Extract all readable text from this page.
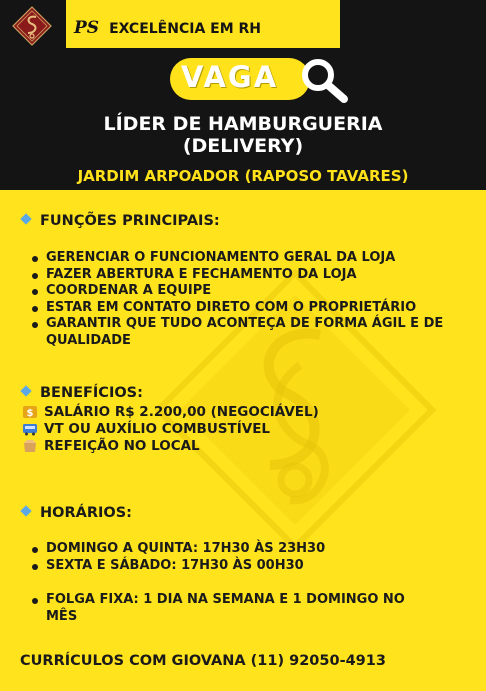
PS EXCELÊNCIA EM RH
VAGA
LÍDER DE HAMBURGUERIA
(DELIVERY)
JARDIM ARPOADOR (RAPOSO TAVARES)
FUNÇÕES PRINCIPAIS:
GERENCIAR O FUNCIONAMENTO GERAL DA LOJA
FAZER ABERTURA E FECHAMENTO DA LOJA
COORDENAR A EQUIPE
ESTAR EM CONTATO DIRETO COM O PROPRIETÁRIO
GARANTIR QUE TUDO ACONTEÇA DE FORMA ÁGIL E DE QUALIDADE
BENEFÍCIOS:
$ SALÁRIO R$ 2.200,00 (NEGOCIÁVEL)
VT OU AUXÍLIO COMBUSTÍVEL
REFEIÇÃO NO LOCAL
HORÁRIOS:
DOMINGO A QUINTA: 17H30 ÀS 23H30
SEXTA E SÁBADO: 17H30 ÀS 00H30
FOLGA FIXA: 1 DIA NA SEMANA E 1 DOMINGO NO MÊS
CURRÍCULOS COM GIOVANA (11) 92050-4913
